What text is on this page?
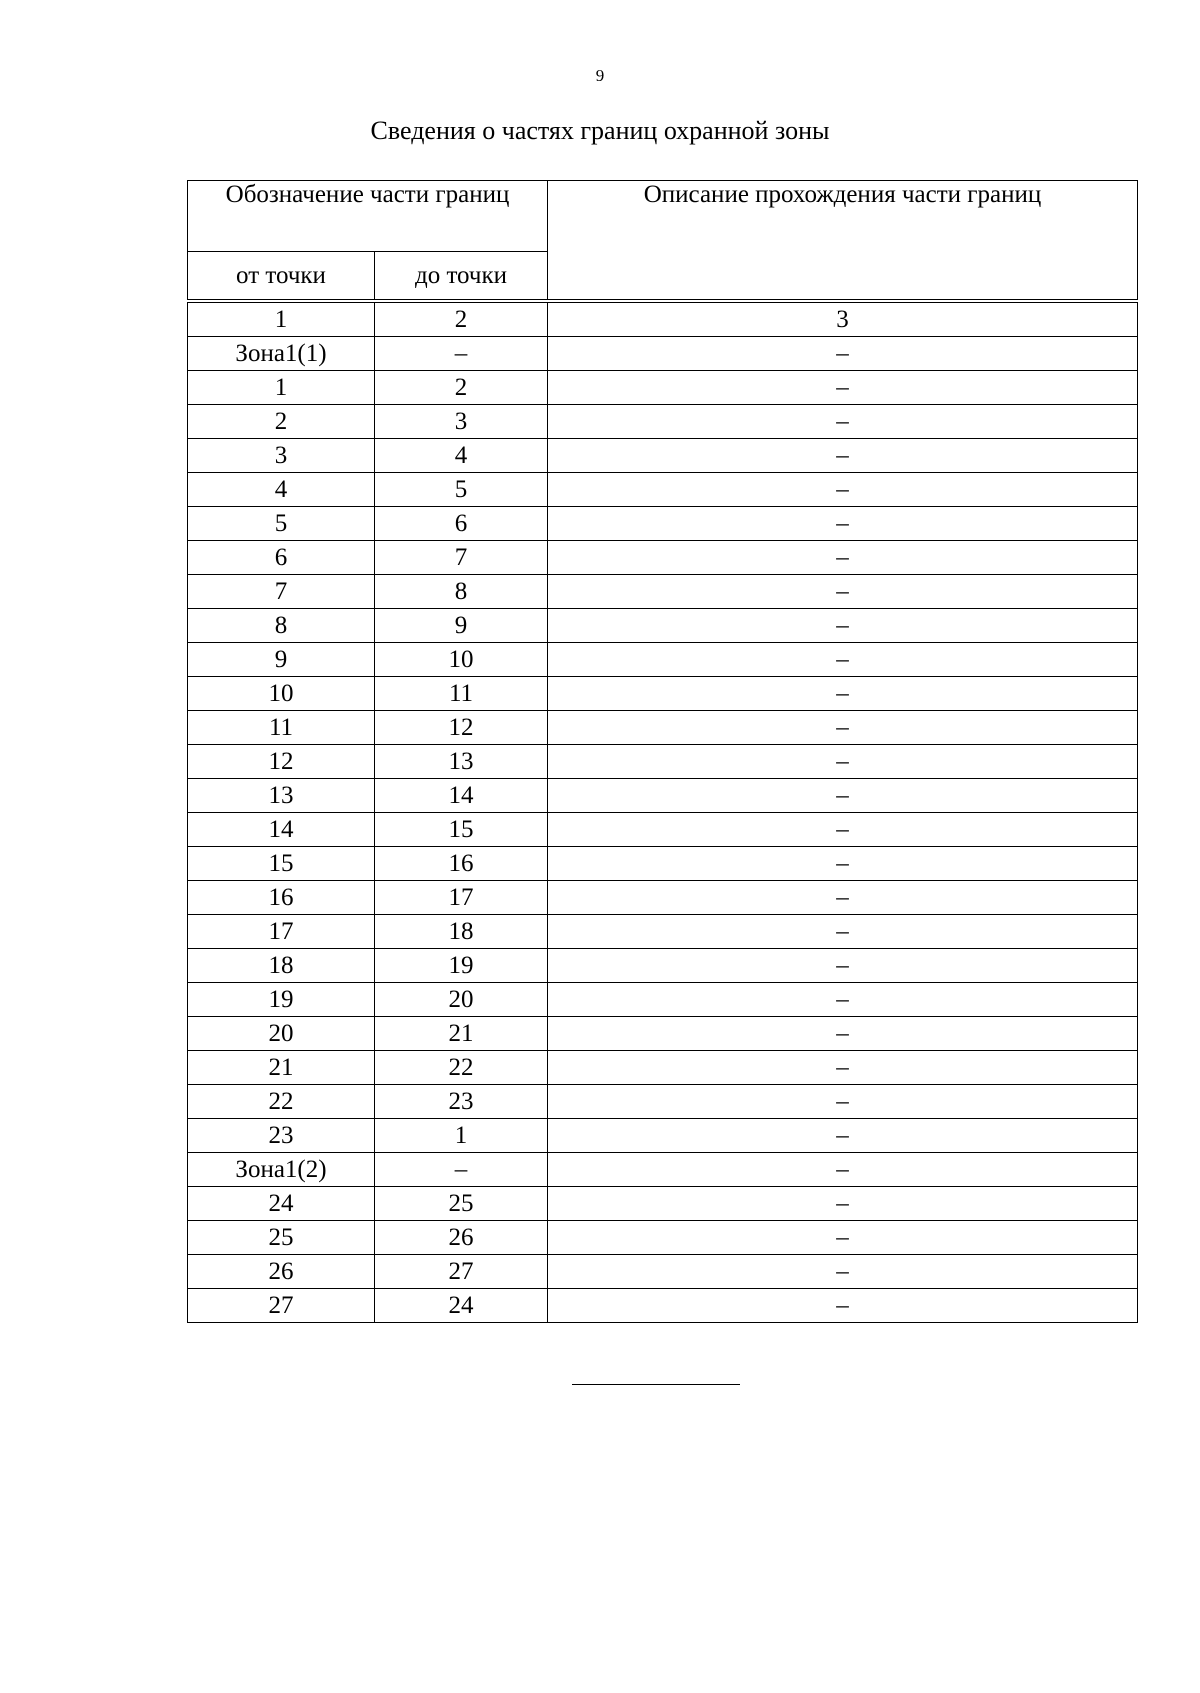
9
Сведения о частях границ охранной зоны
Обозначение части границ		Описание прохождения части границ
от точки	до точки	

1	2	3
Зона1(1)	–	–
1	2	–
2	3	–
3	4	–
4	5	–
5	6	–
6	7	–
7	8	–
8	9	–
9	10	–
10	11	–
11	12	–
12	13	–
13	14	–
14	15	–
15	16	–
16	17	–
17	18	–
18	19	–
19	20	–
20	21	–
21	22	–
22	23	–
23	1	–
Зона1(2)	–	–
24	25	–
25	26	–
26	27	–
27	24	–
